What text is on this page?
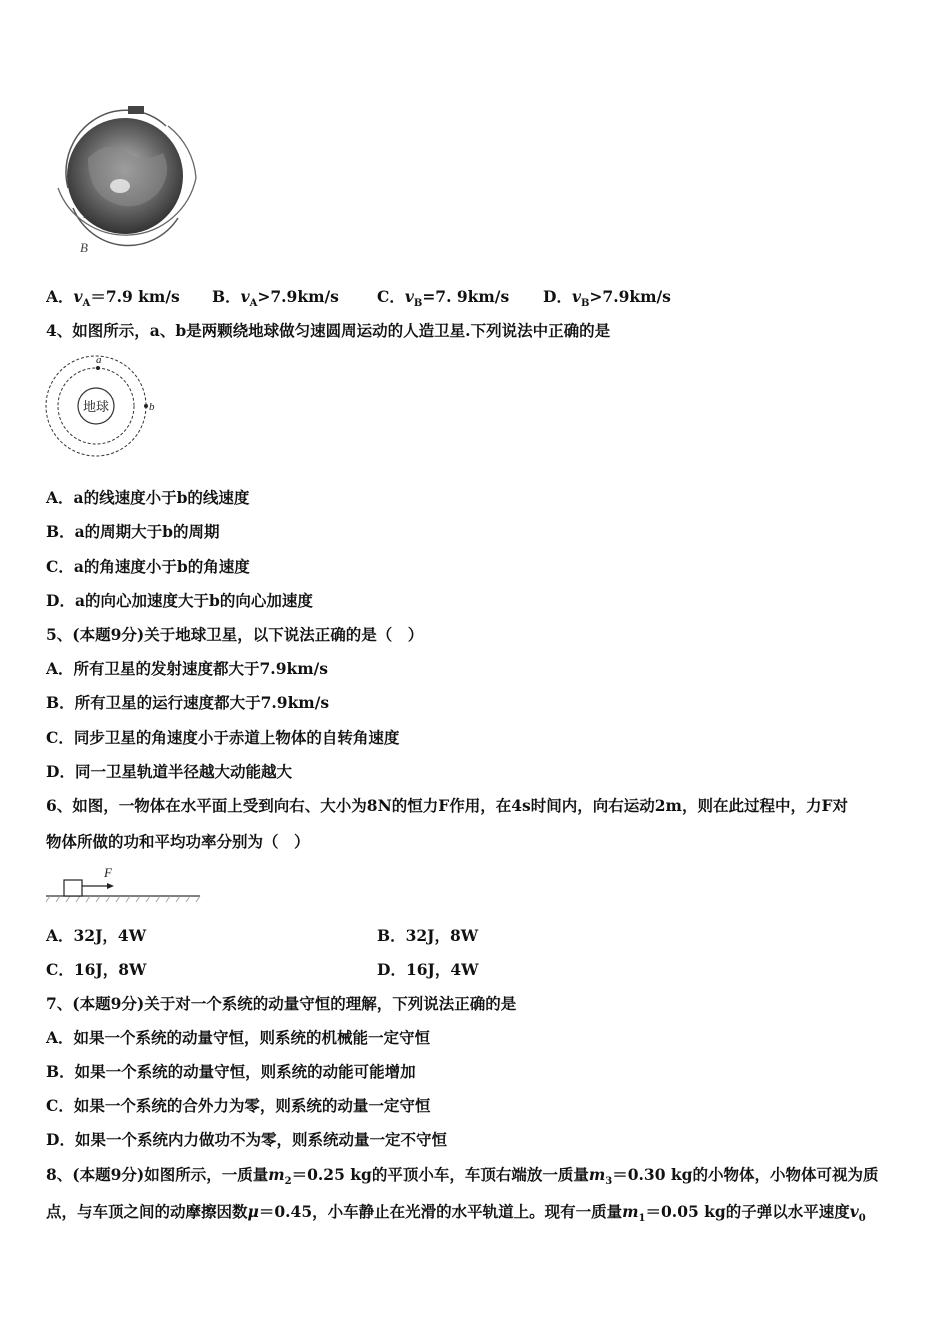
A
B
A．$v_A=7.9$ km/s B．$v_A>7.9km/s$ C．$v_B=7$. 9km/s D．$v_B>7.9km/s$
4、如图所示，a、b是两颗绕地球做匀速圆周运动的人造卫星.下列说法中正确的是
地球
a
b
A．a的线速度小于b的线速度
B．a的周期大于b的周期
C．a的角速度小于b的角速度
D．a的向心加速度大于b的向心加速度
5、(本题9分)关于地球卫星，以下说法正确的是（　）
A．所有卫星的发射速度都大于7.9km/s
B．所有卫星的运行速度都大于7.9km/s
C．同步卫星的角速度小于赤道上物体的自转角速度
D．同一卫星轨道半径越大动能越大
6、如图，一物体在水平面上受到向右、大小为8N的恒力F作用，在4s时间内，向右运动2m，则在此过程中，力F对
物体所做的功和平均功率分别为（　）
F
A．32J，4W	B．32J，8W
C．16J，8W	D．16J，4W
7、(本题9分)关于对一个系统的动量守恒的理解，下列说法正确的是
A．如果一个系统的动量守恒，则系统的机械能一定守恒
B．如果一个系统的动量守恒，则系统的动能可能增加
C．如果一个系统的合外力为零，则系统的动量一定守恒
D．如果一个系统内力做功不为零，则系统动量一定不守恒
8、(本题9分)如图所示，一质量$m_2=0.25$ kg的平顶小车，车顶右端放一质量$m_3=0.30$ kg的小物体，小物体可视为质
点，与车顶之间的动摩擦因数μ＝0.45，小车静止在光滑的水平轨道上。现有一质量$m_1=0.05$ kg的子弹以水平速度$v_0$
